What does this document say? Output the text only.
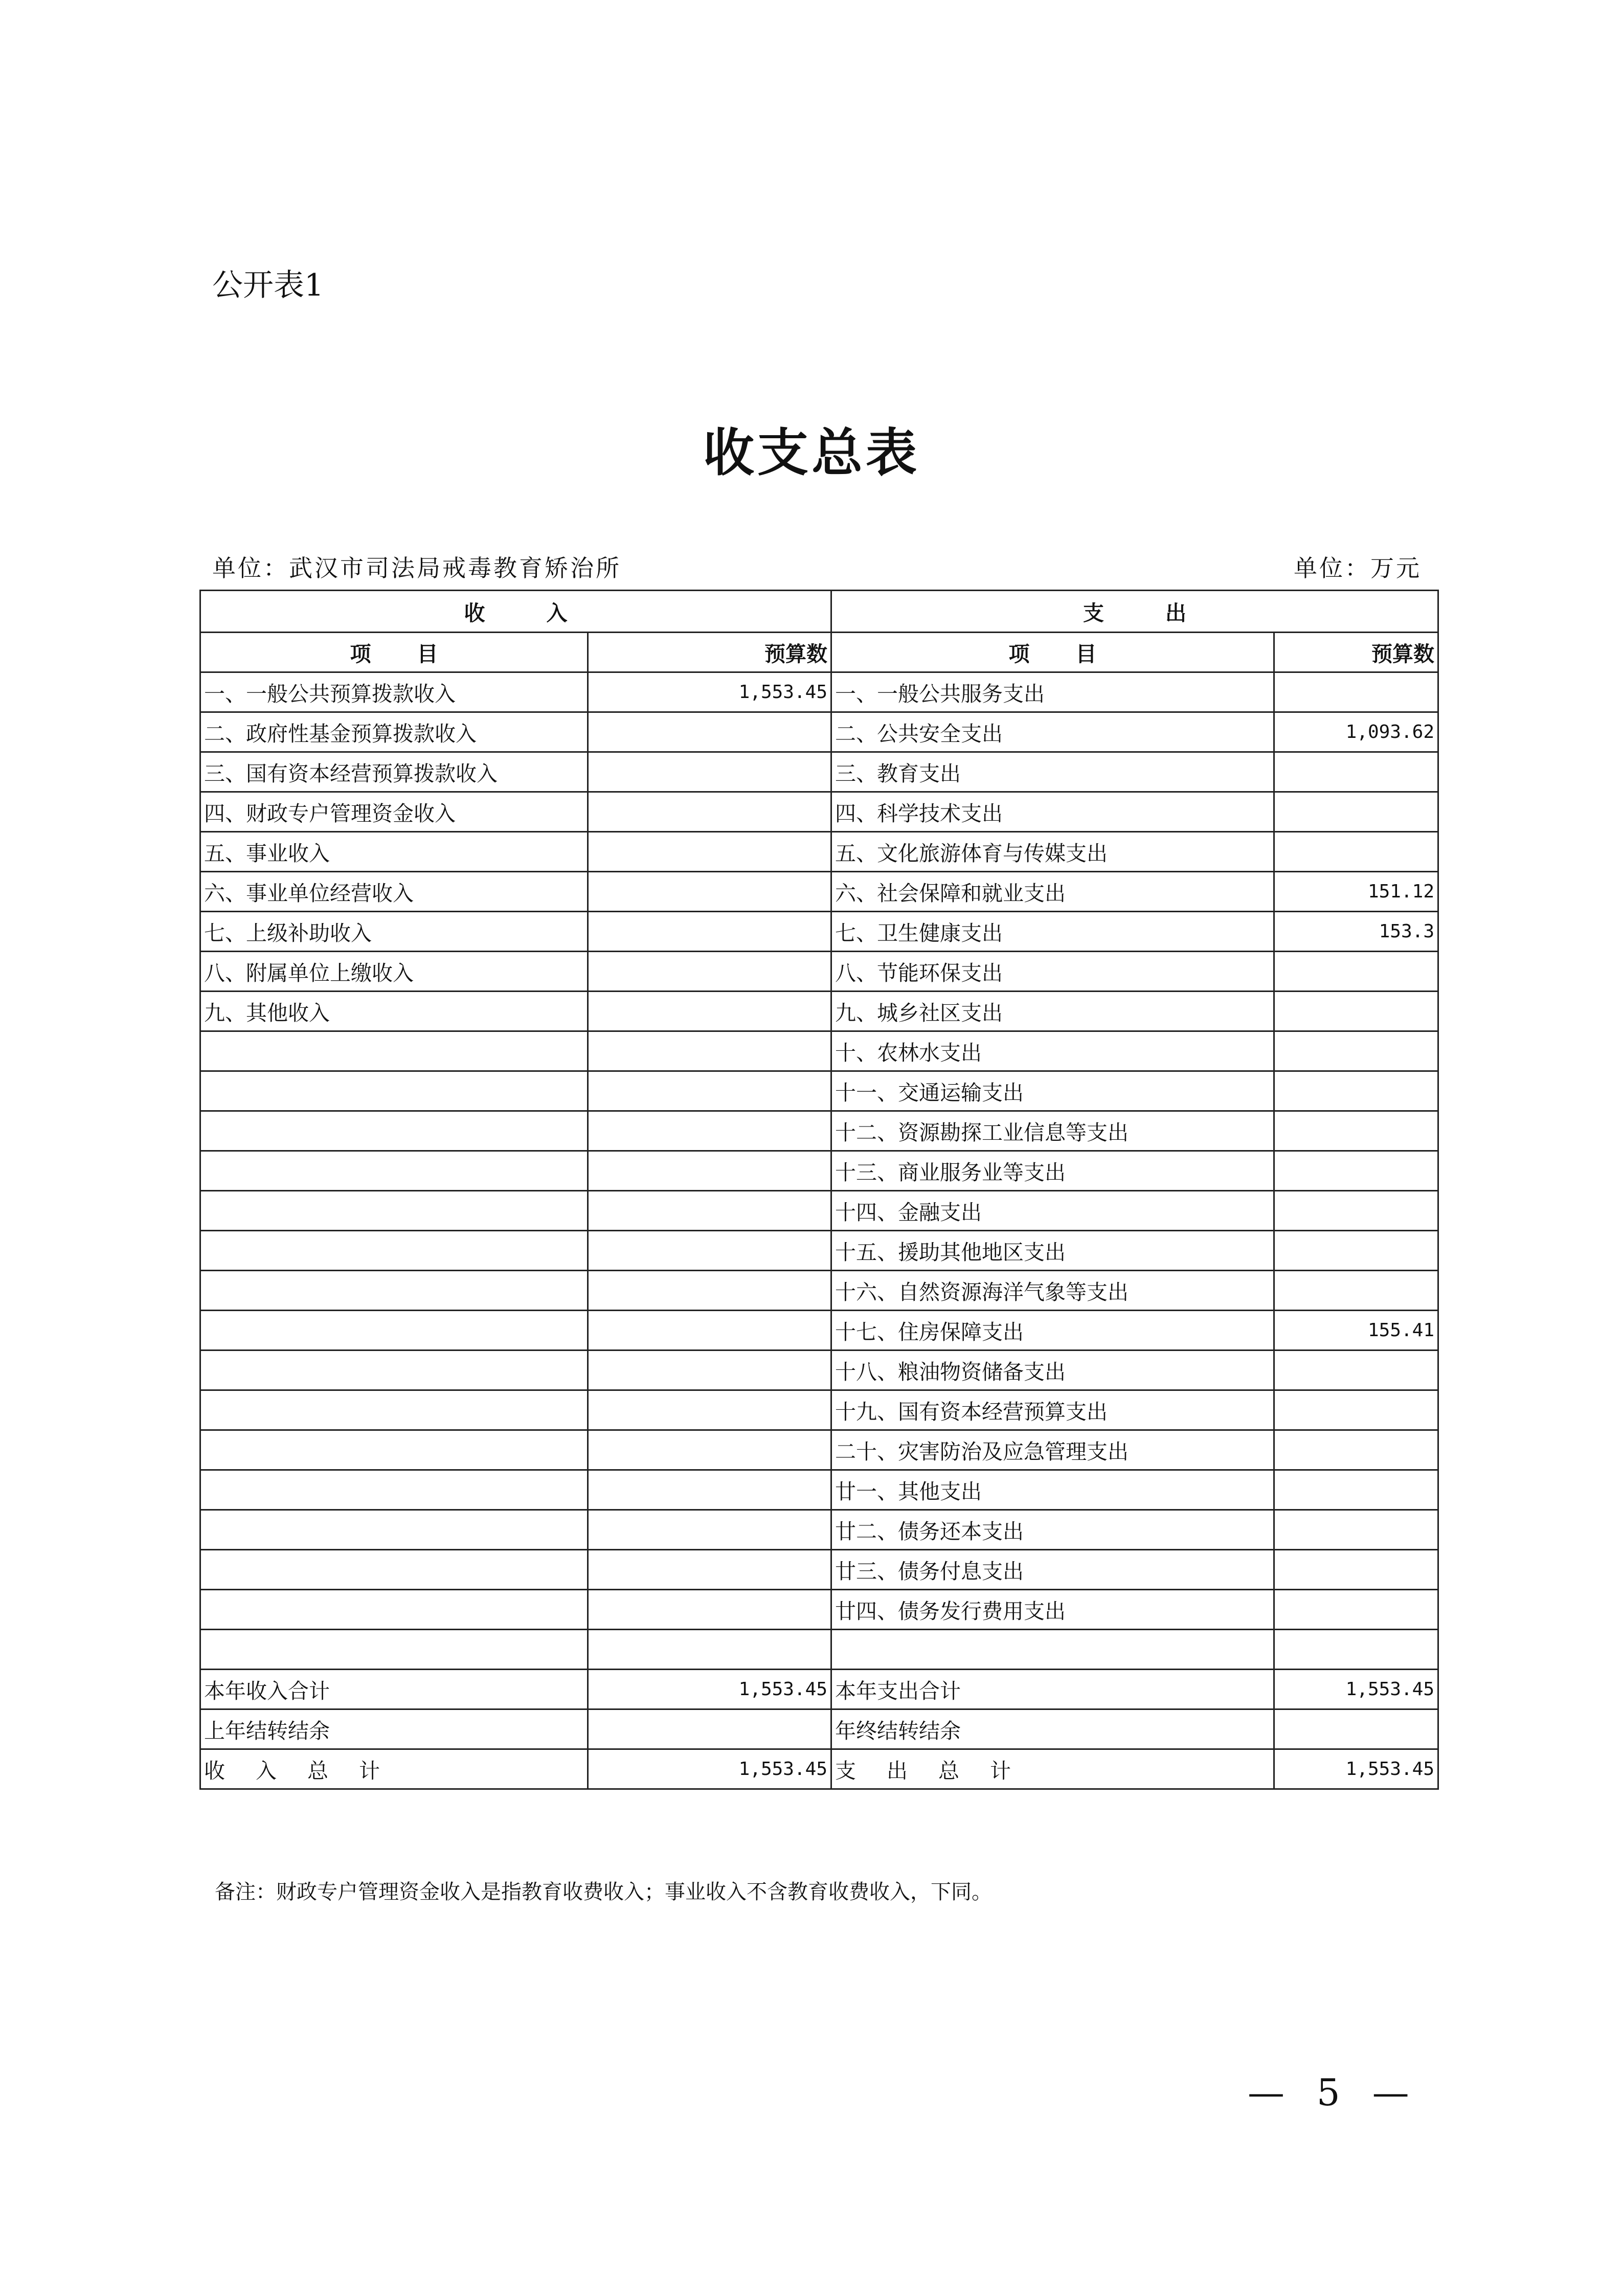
公开表1
收支总表
单位：武汉市司法局戒毒教育矫治所	单位：万元
收入		支出	
项目	预算数	项目	预算数
一、一般公共预算拨款收入	1,553.45	一、一般公共服务支出	
二、政府性基金预算拨款收入		二、公共安全支出	1,093.62
三、国有资本经营预算拨款收入		三、教育支出	
四、财政专户管理资金收入		四、科学技术支出	
五、事业收入		五、文化旅游体育与传媒支出	
六、事业单位经营收入		六、社会保障和就业支出	151.12
七、上级补助收入		七、卫生健康支出	153.3
八、附属单位上缴收入		八、节能环保支出	
九、其他收入		九、城乡社区支出	
		十、农林水支出	
		十一、交通运输支出	
		十二、资源勘探工业信息等支出	
		十三、商业服务业等支出	
		十四、金融支出	
		十五、援助其他地区支出	
		十六、自然资源海洋气象等支出	
		十七、住房保障支出	155.41
		十八、粮油物资储备支出	
		十九、国有资本经营预算支出	
		二十、灾害防治及应急管理支出	
		廿一、其他支出	
		廿二、债务还本支出	
		廿三、债务付息支出	
		廿四、债务发行费用支出	

本年收入合计	1,553.45	本年支出合计	1,553.45
上年结转结余		年终结转结余	
收入总计	1,553.45	支出总计	1,553.45
备注：财政专户管理资金收入是指教育收费收入；事业收入不含教育收费收入，下同。
— 5 —
